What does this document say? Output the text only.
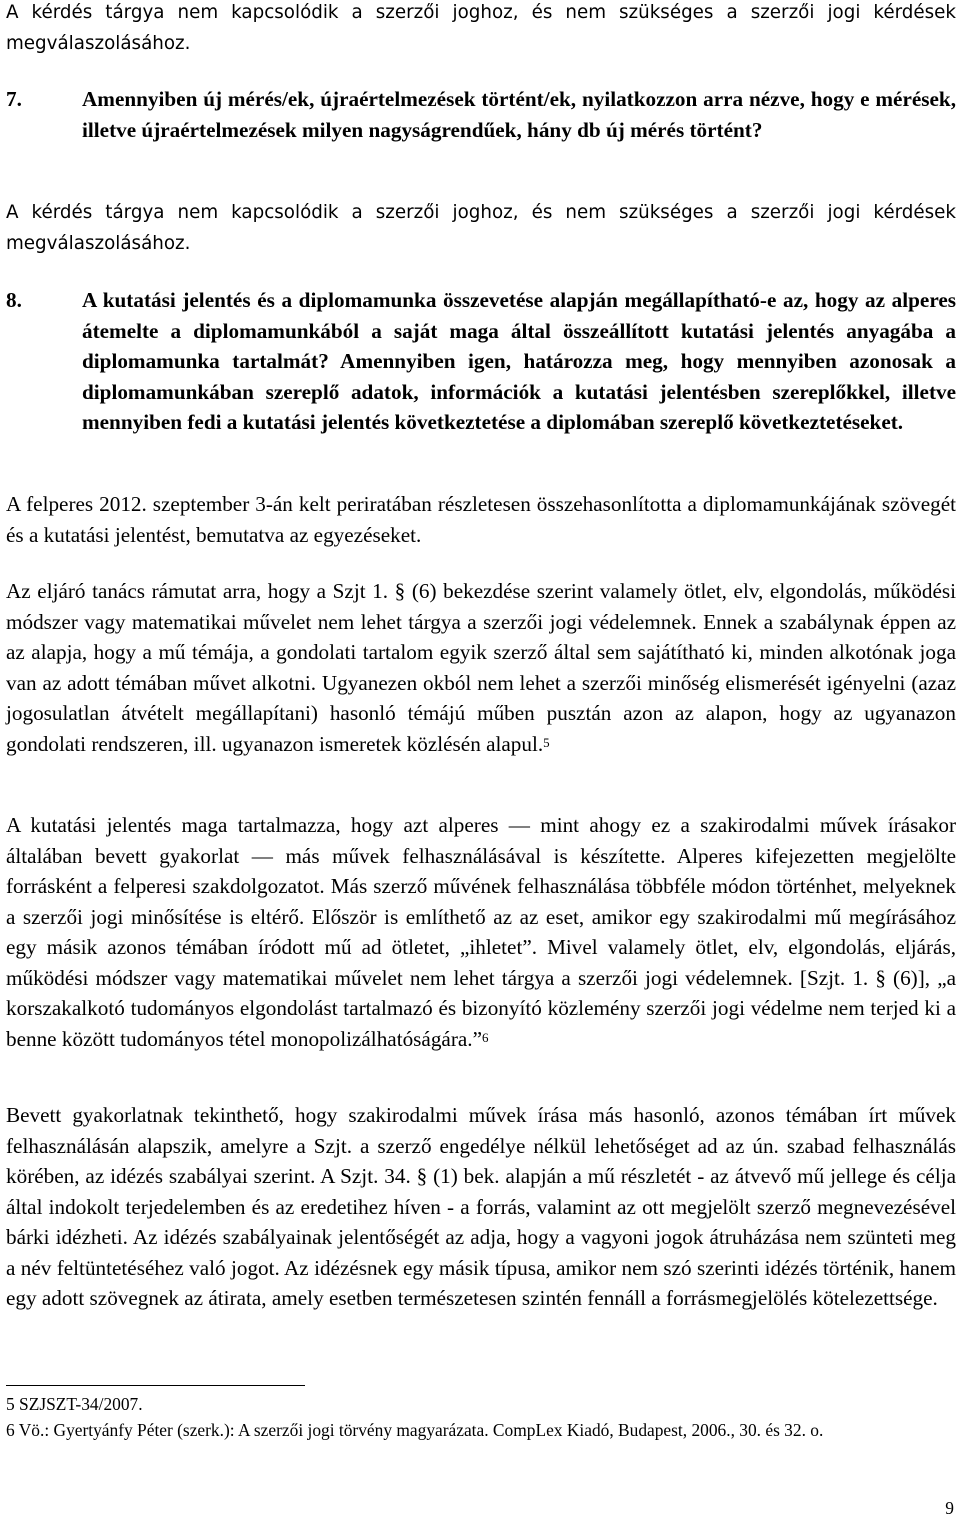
A kérdés tárgya nem kapcsolódik a szerzői joghoz, és nem szükséges a szerzői jogi kérdések megválaszolásához.

7.	Amennyiben új mérés/ek, újraértelmezések történt/ek, nyilatkozzon arra nézve, hogy e mérések, illetve újraértelmezések milyen nagyságrendűek, hány db új mérés történt?

A kérdés tárgya nem kapcsolódik a szerzői joghoz, és nem szükséges a szerzői jogi kérdések megválaszolásához.

8.	A kutatási jelentés és a diplomamunka összevetése alapján megállapítható-e az, hogy az alperes átemelte a diplomamunkából a saját maga által összeállított kutatási jelentés anyagába a diplomamunka tartalmát? Amennyiben igen, határozza meg, hogy mennyiben azonosak a diplomamunkában szereplő adatok, információk a kutatási jelentésben szereplőkkel, illetve mennyiben fedi a kutatási jelentés következtetése a diplomában szereplő következtetéseket.

A felperes 2012. szeptember 3-án kelt periratában részletesen összehasonlította a diplomamunkájának szövegét és a kutatási jelentést, bemutatva az egyezéseket.

Az eljáró tanács rámutat arra, hogy a Szjt 1. § (6) bekezdése szerint valamely ötlet, elv, elgondolás, működési módszer vagy matematikai művelet nem lehet tárgya a szerzői jogi védelemnek. Ennek a szabálynak éppen az az alapja, hogy a mű témája, a gondolati tartalom egyik szerző által sem sajátítható ki, minden alkotónak joga van az adott témában művet alkotni. Ugyanezen okból nem lehet a szerzői minőség elismerését igényelni (azaz jogosulatlan átvételt megállapítani) hasonló témájú műben pusztán azon az alapon, hogy az ugyanazon gondolati rendszeren, ill. ugyanazon ismeretek közlésén alapul.$^5$

A kutatási jelentés maga tartalmazza, hogy azt alperes ― mint ahogy ez a szakirodalmi művek írásakor általában bevett gyakorlat ― más művek felhasználásával is készítette. Alperes kifejezetten megjelölte forrásként a felperesi szakdolgozatot. Más szerző művének felhasználása többféle módon történhet, melyeknek a szerzői jogi minősítése is eltérő. Először is említhető az az eset, amikor egy szakirodalmi mű megírásához egy másik azonos témában íródott mű ad ötletet, „ihletet”. Mivel valamely ötlet, elv, elgondolás, eljárás, működési módszer vagy matematikai művelet nem lehet tárgya a szerzői jogi védelemnek. [Szjt. 1. § (6)], „a korszakalkotó tudományos elgondolást tartalmazó és bizonyító közlemény szerzői jogi védelme nem terjed ki a benne között tudományos tétel monopolizálhatóságára.”$^6$

Bevett gyakorlatnak tekinthető, hogy szakirodalmi művek írása más hasonló, azonos témában írt művek felhasználásán alapszik, amelyre a Szjt. a szerző engedélye nélkül lehetőséget ad az ún. szabad felhasználás körében, az idézés szabályai szerint. A Szjt. 34. § (1) bek. alapján a mű részletét - az átvevő mű jellege és célja által indokolt terjedelemben és az eredetihez híven - a forrás, valamint az ott megjelölt szerző megnevezésével bárki idézheti. Az idézés szabályainak jelentőségét az adja, hogy a vagyoni jogok átruházása nem szünteti meg a név feltüntetéséhez való jogot. Az idézésnek egy másik típusa, amikor nem szó szerinti idézés történik, hanem egy adott szövegnek az átirata, amely esetben természetesen szintén fennáll a forrásmegjelölés kötelezettsége.

5 SZJSZT-34/2007.

6 Vö.: Gyertyánfy Péter (szerk.): A szerzői jogi törvény magyarázata. CompLex Kiadó, Budapest, 2006., 30. és 32. o.

9
